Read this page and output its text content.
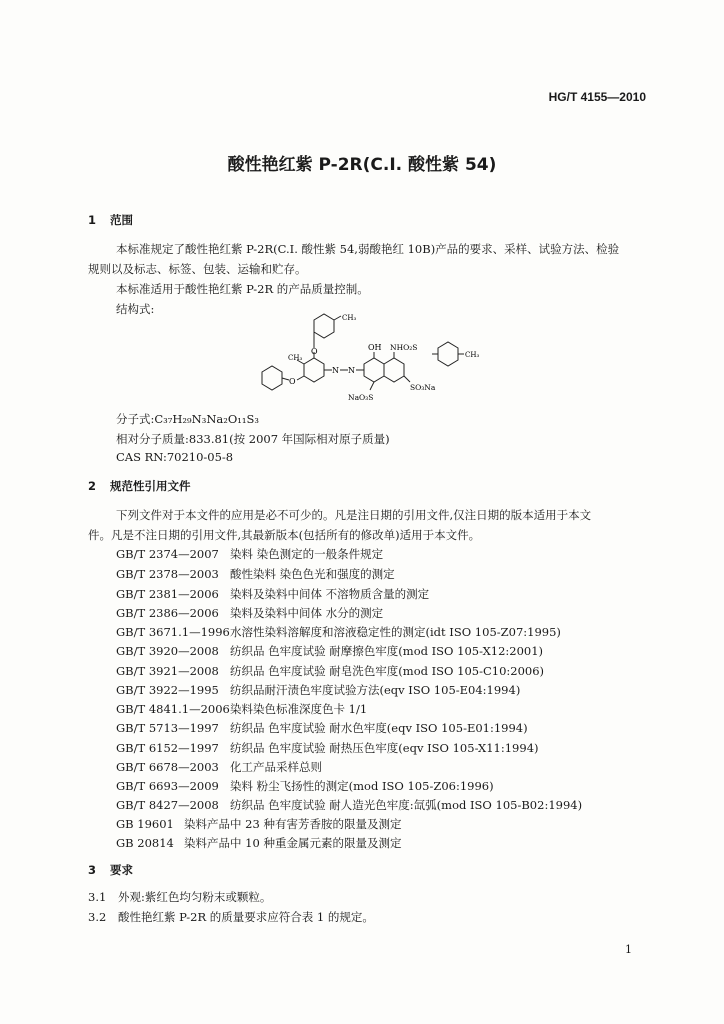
HG/T 4155—2010
酸性艳红紫 P-2R(C.I. 酸性紫 54)
1 范围
本标准规定了酸性艳红紫 P-2R(C.I. 酸性紫 54,弱酸艳红 10B)产品的要求、采样、试验方法、检验
规则以及标志、标签、包装、运输和贮存。
本标准适用于酸性艳红紫 P-2R 的产品质量控制。
结构式:
CH₃
O
CH₃
O
N N
OH NHO₂S
CH₃
NaO₃S
SO₃Na
分子式:C₃₇H₂₉N₃Na₂O₁₁S₃
相对分子质量:833.81(按 2007 年国际相对原子质量)
CAS RN:70210-05-8
2 规范性引用文件
下列文件对于本文件的应用是必不可少的。凡是注日期的引用文件,仅注日期的版本适用于本文
件。凡是不注日期的引用文件,其最新版本(包括所有的修改单)适用于本文件。
GB/T 2374—2007 染料 染色测定的一般条件规定
GB/T 2378—2003 酸性染料 染色色光和强度的测定
GB/T 2381—2006 染料及染料中间体 不溶物质含量的测定
GB/T 2386—2006 染料及染料中间体 水分的测定
GB/T 3671.1—1996水溶性染料溶解度和溶液稳定性的测定(idt ISO 105-Z07:1995)
GB/T 3920—2008 纺织品 色牢度试验 耐摩擦色牢度(mod ISO 105-X12:2001)
GB/T 3921—2008 纺织品 色牢度试验 耐皂洗色牢度(mod ISO 105-C10:2006)
GB/T 3922—1995 纺织品耐汗渍色牢度试验方法(eqv ISO 105-E04:1994)
GB/T 4841.1—2006染料染色标准深度色卡 1/1
GB/T 5713—1997 纺织品 色牢度试验 耐水色牢度(eqv ISO 105-E01:1994)
GB/T 6152—1997 纺织品 色牢度试验 耐热压色牢度(eqv ISO 105-X11:1994)
GB/T 6678—2003 化工产品采样总则
GB/T 6693—2009 染料 粉尘飞扬性的测定(mod ISO 105-Z06:1996)
GB/T 8427—2008 纺织品 色牢度试验 耐人造光色牢度:氙弧(mod ISO 105-B02:1994)
GB 19601 染料产品中 23 种有害芳香胺的限量及测定
GB 20814 染料产品中 10 种重金属元素的限量及测定
3 要求
3.1 外观:紫红色均匀粉末或颗粒。
3.2 酸性艳红紫 P-2R 的质量要求应符合表 1 的规定。
1
